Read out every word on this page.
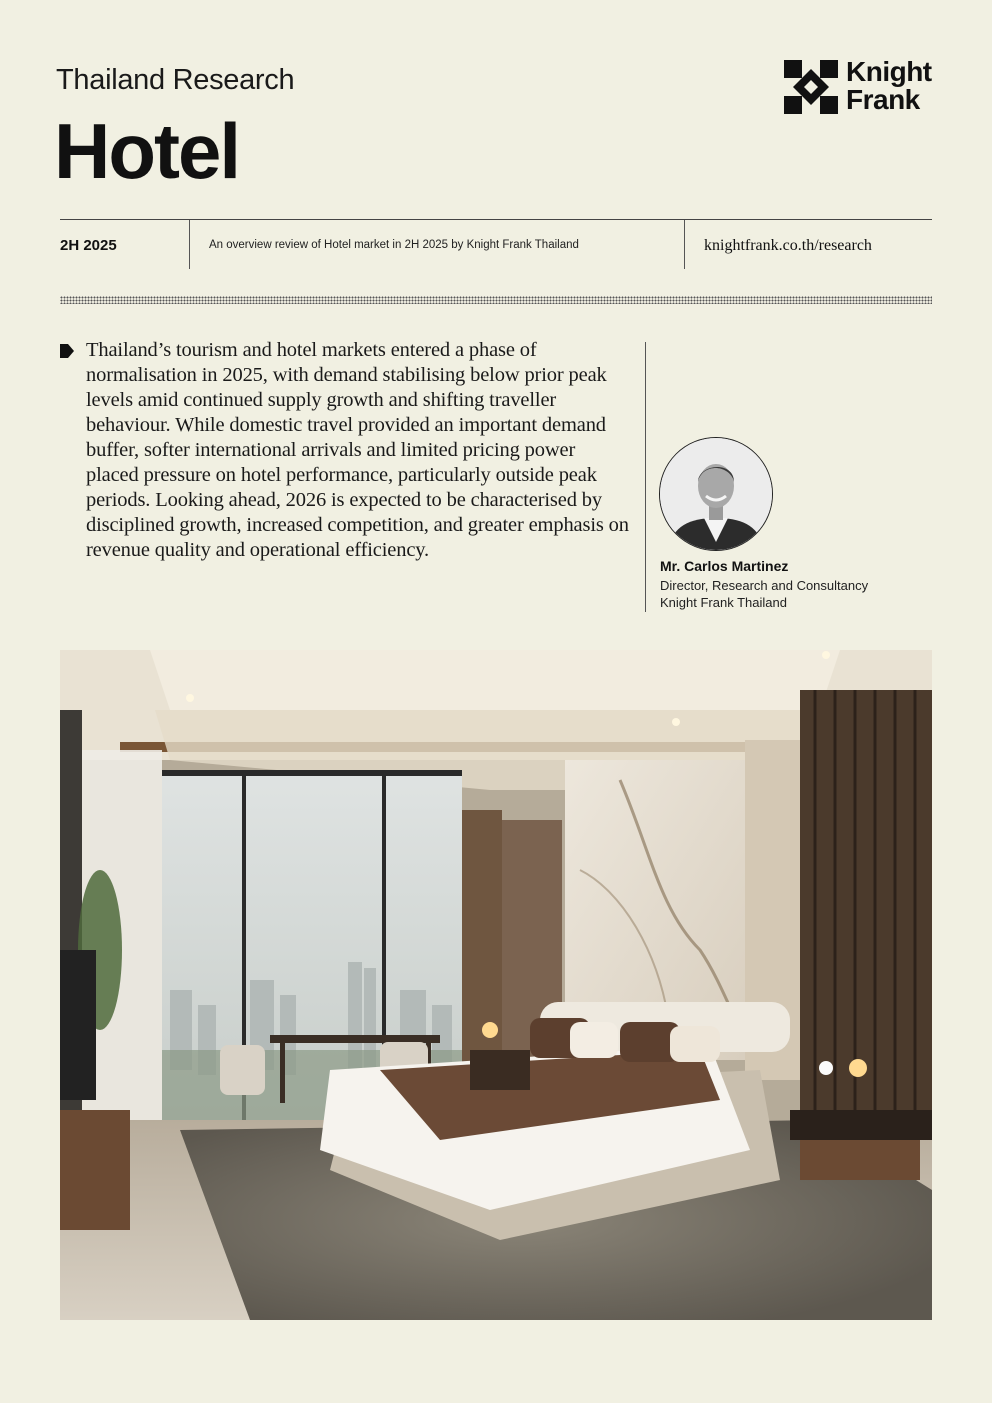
Thailand Research
Hotel
Knight
Frank
2H 2025	An overview review of Hotel market in 2H 2025 by Knight Frank Thailand	knightfrank.co.th/research

Thailand’s tourism and hotel markets entered a phase of normalisation in 2025, with demand stabilising below prior peak levels amid continued supply growth and shifting traveller behaviour. While domestic travel provided an important demand buffer, softer international arrivals and limited pricing power placed pressure on hotel performance, particularly outside peak periods. Looking ahead, 2026 is expected to be characterised by disciplined growth, increased competition, and greater emphasis on revenue quality and operational efficiency.

Mr. Carlos Martinez
Director, Research and Consultancy
Knight Frank Thailand
